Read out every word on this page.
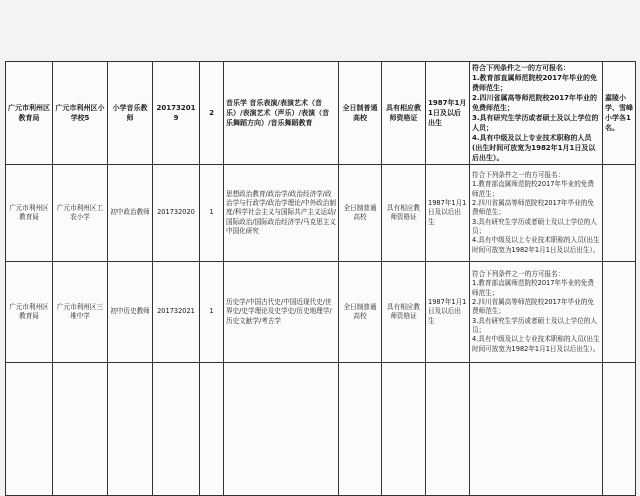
广元市利州区教育局	广元市利州区小学校5	小学音乐教师	201732019	2	音乐学 音乐表演/表演艺术（音乐）/表演艺术（声乐）/表演（音乐舞蹈方向）/音乐舞蹈教育	全日制普通高校	具有相应教师资格证	1987年1月1日及以后出生	符合下列条件之一的方可报名：
1.教育部直属师范院校2017年毕业的免费师范生；
2.四川省属高等师范院校2017年毕业的免费师范生；
3.具有研究生学历或者硕士及以上学位的人员；
4.具有中级及以上专业技术职称的人员(出生时间可放宽为1982年1月1日及以后出生）。	嘉陵小学、雪峰小学各1名。
广元市利州区教育局	广元市利州区工农小学	初中政治教师	201732020	1	思想政治教育/政治学/政治经济学/政治学与行政学/政治学理论/中外政治制度/科学社会主义与国际共产主义运动/国际政治/国际政治经济学/马克思主义中国化研究	全日制普通高校	具有相应教师资格证	1987年1月1日及以后出生	符合下列条件之一的方可报名：
1.教育部直属师范院校2017年毕业的免费师范生；
2.四川省属高等师范院校2017年毕业的免费师范生；
3.具有研究生学历或者硕士及以上学位的人员；
4.具有中级及以上专业技术职称的人员(出生时间可放宽为1982年1月1日及以后出生）。	

广元市利州区教育局	广元市利州区三堆中学	初中历史教师	201732021	1	历史学/中国古代史/中国近现代史/世界史/史学理论及史学史/历史地理学/历史文献学/考古学	全日制普通高校	具有相应教师资格证	1987年1月1日及以后出生	符合下列条件之一的方可报名：
1.教育部直属师范院校2017年毕业的免费师范生；
2.四川省属高等师范院校2017年毕业的免费师范生；
3.具有研究生学历或者硕士及以上学位的人员；
4.具有中级及以上专业技术职称的人员(出生时间可放宽为1982年1月1日及以后出生）。	
